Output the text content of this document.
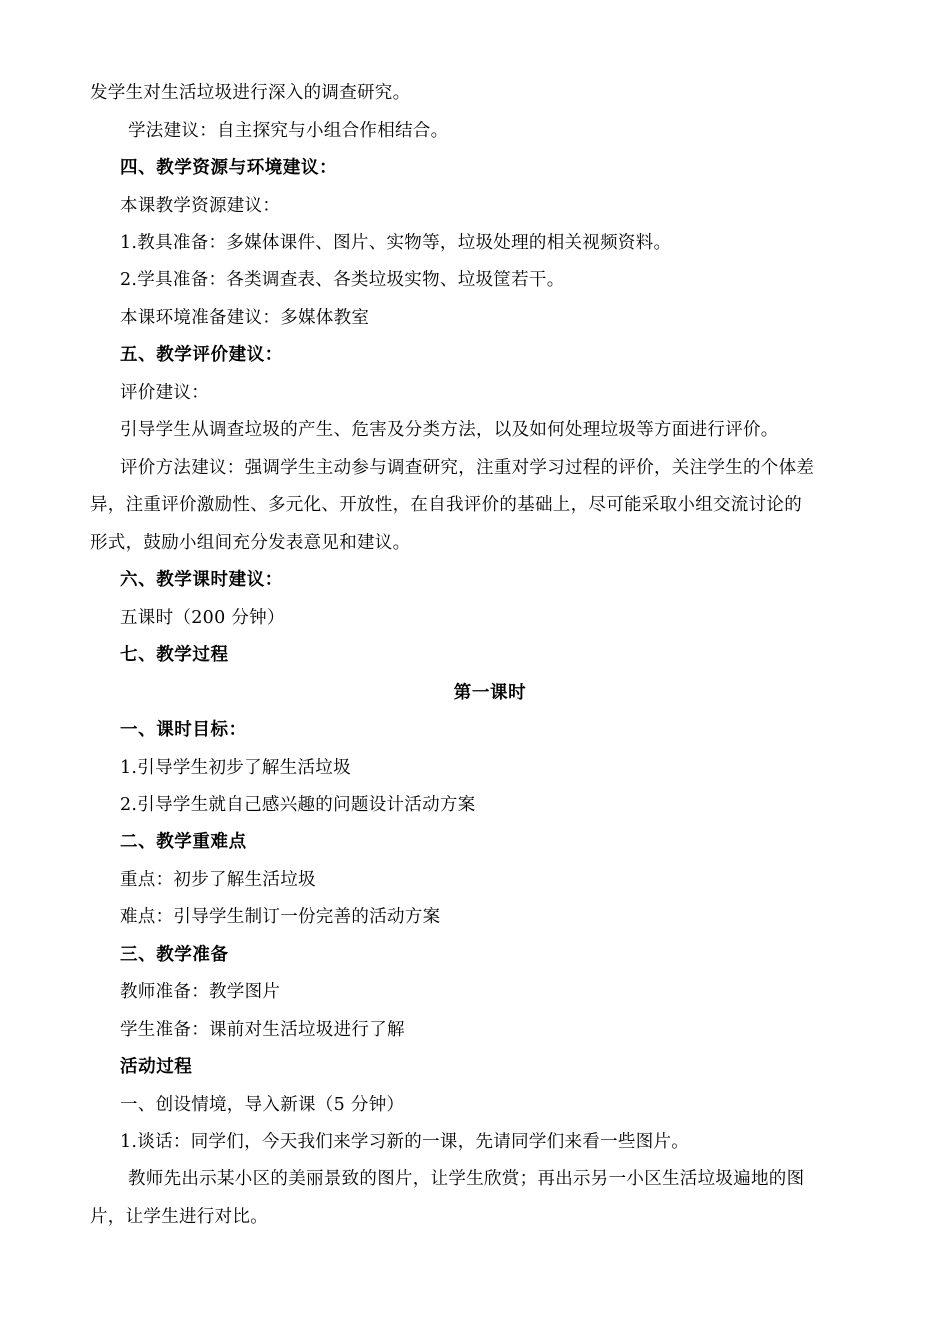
发学生对生活垃圾进行深入的调查研究。
学法建议：自主探究与小组合作相结合。
四、教学资源与环境建议：
本课教学资源建议：
1.教具准备：多媒体课件、图片、实物等，垃圾处理的相关视频资料。
2.学具准备：各类调查表、各类垃圾实物、垃圾筐若干。
本课环境准备建议：多媒体教室
五、教学评价建议：
评价建议：
引导学生从调查垃圾的产生、危害及分类方法，以及如何处理垃圾等方面进行评价。
评价方法建议：强调学生主动参与调查研究，注重对学习过程的评价，关注学生的个体差
异，注重评价激励性、多元化、开放性，在自我评价的基础上，尽可能采取小组交流讨论的
形式，鼓励小组间充分发表意见和建议。
六、教学课时建议：
五课时（200 分钟）
七、教学过程
第一课时
一、课时目标：
1.引导学生初步了解生活垃圾
2.引导学生就自己感兴趣的问题设计活动方案
二、教学重难点
重点：初步了解生活垃圾
难点：引导学生制订一份完善的活动方案
三、教学准备
教师准备：教学图片
学生准备：课前对生活垃圾进行了解
活动过程
一、创设情境，导入新课（5 分钟）
1.谈话：同学们，今天我们来学习新的一课，先请同学们来看一些图片。
教师先出示某小区的美丽景致的图片，让学生欣赏；再出示另一小区生活垃圾遍地的图
片，让学生进行对比。
